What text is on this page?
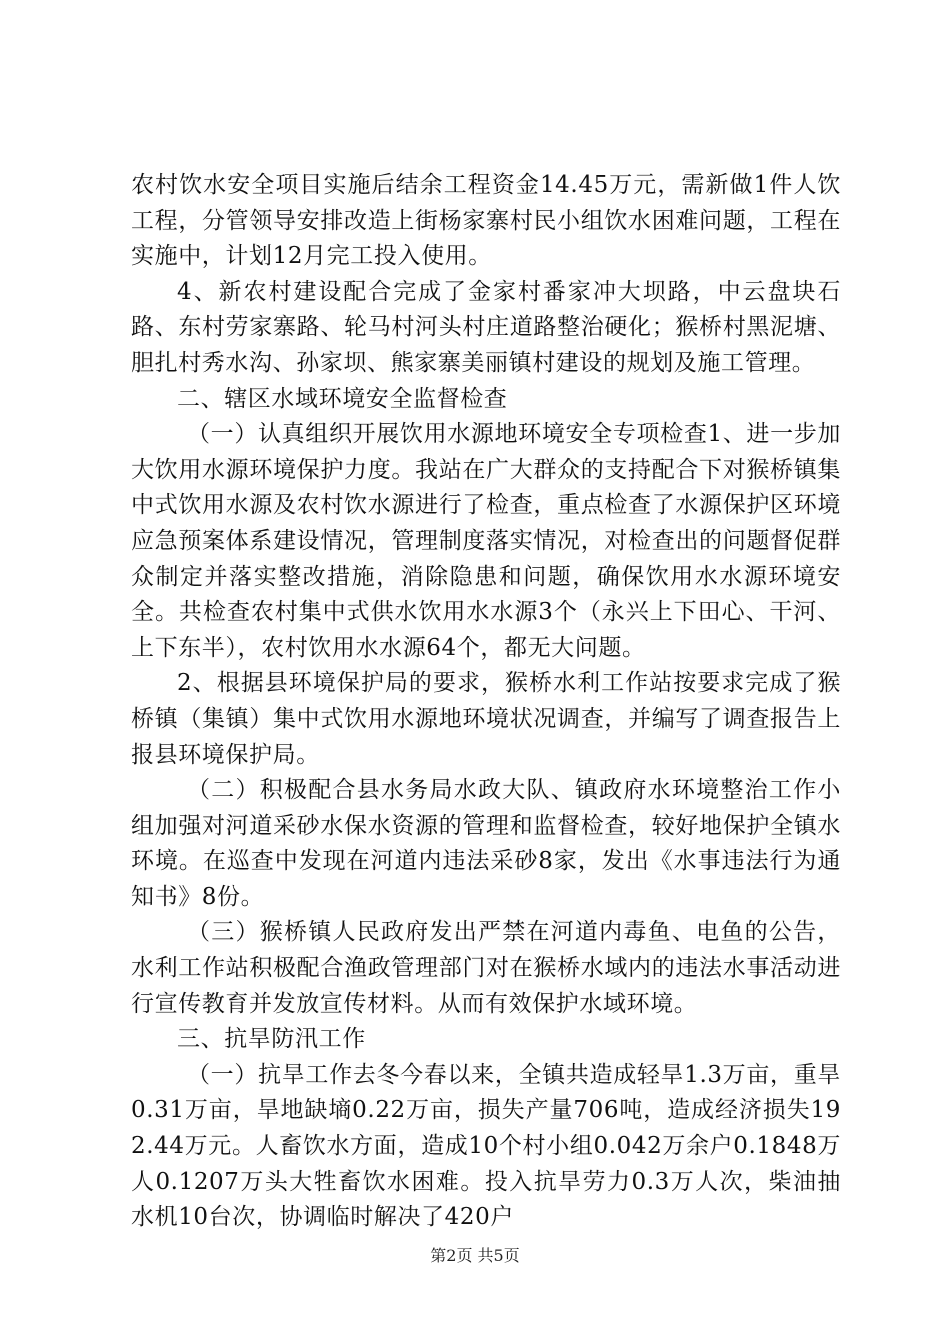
农村饮水安全项目实施后结余工程资金14.45万元，需新做1件人饮工程，分管领导安排改造上街杨家寨村民小组饮水困难问题，工程在实施中，计划12月完工投入使用。

4、新农村建设配合完成了金家村番家冲大坝路，中云盘块石路、东村劳家寨路、轮马村河头村庄道路整治硬化；猴桥村黑泥塘、胆扎村秀水沟、孙家坝、熊家寨美丽镇村建设的规划及施工管理。

二、辖区水域环境安全监督检查

（一）认真组织开展饮用水源地环境安全专项检查1、进一步加大饮用水源环境保护力度。我站在广大群众的支持配合下对猴桥镇集中式饮用水源及农村饮水源进行了检查，重点检查了水源保护区环境应急预案体系建设情况，管理制度落实情况，对检查出的问题督促群众制定并落实整改措施，消除隐患和问题，确保饮用水水源环境安全。共检查农村集中式供水饮用水水源3个（永兴上下田心、干河、上下东半），农村饮用水水源64个，都无大问题。

2、根据县环境保护局的要求，猴桥水利工作站按要求完成了猴桥镇（集镇）集中式饮用水源地环境状况调查，并编写了调查报告上报县环境保护局。

（二）积极配合县水务局水政大队、镇政府水环境整治工作小组加强对河道采砂水保水资源的管理和监督检查，较好地保护全镇水环境。在巡查中发现在河道内违法采砂8家，发出《水事违法行为通知书》8份。

（三）猴桥镇人民政府发出严禁在河道内毒鱼、电鱼的公告，水利工作站积极配合渔政管理部门对在猴桥水域内的违法水事活动进行宣传教育并发放宣传材料。从而有效保护水域环境。

三、抗旱防汛工作

（一）抗旱工作去冬今春以来，全镇共造成轻旱1.3万亩，重旱0.31万亩，旱地缺墒0.22万亩，损失产量706吨，造成经济损失192.44万元。人畜饮水方面，造成10个村小组0.042万余户0.1848万人0.1207万头大牲畜饮水困难。投入抗旱劳力0.3万人次，柴油抽水机10台次，协调临时解决了420户

第2页 共5页
